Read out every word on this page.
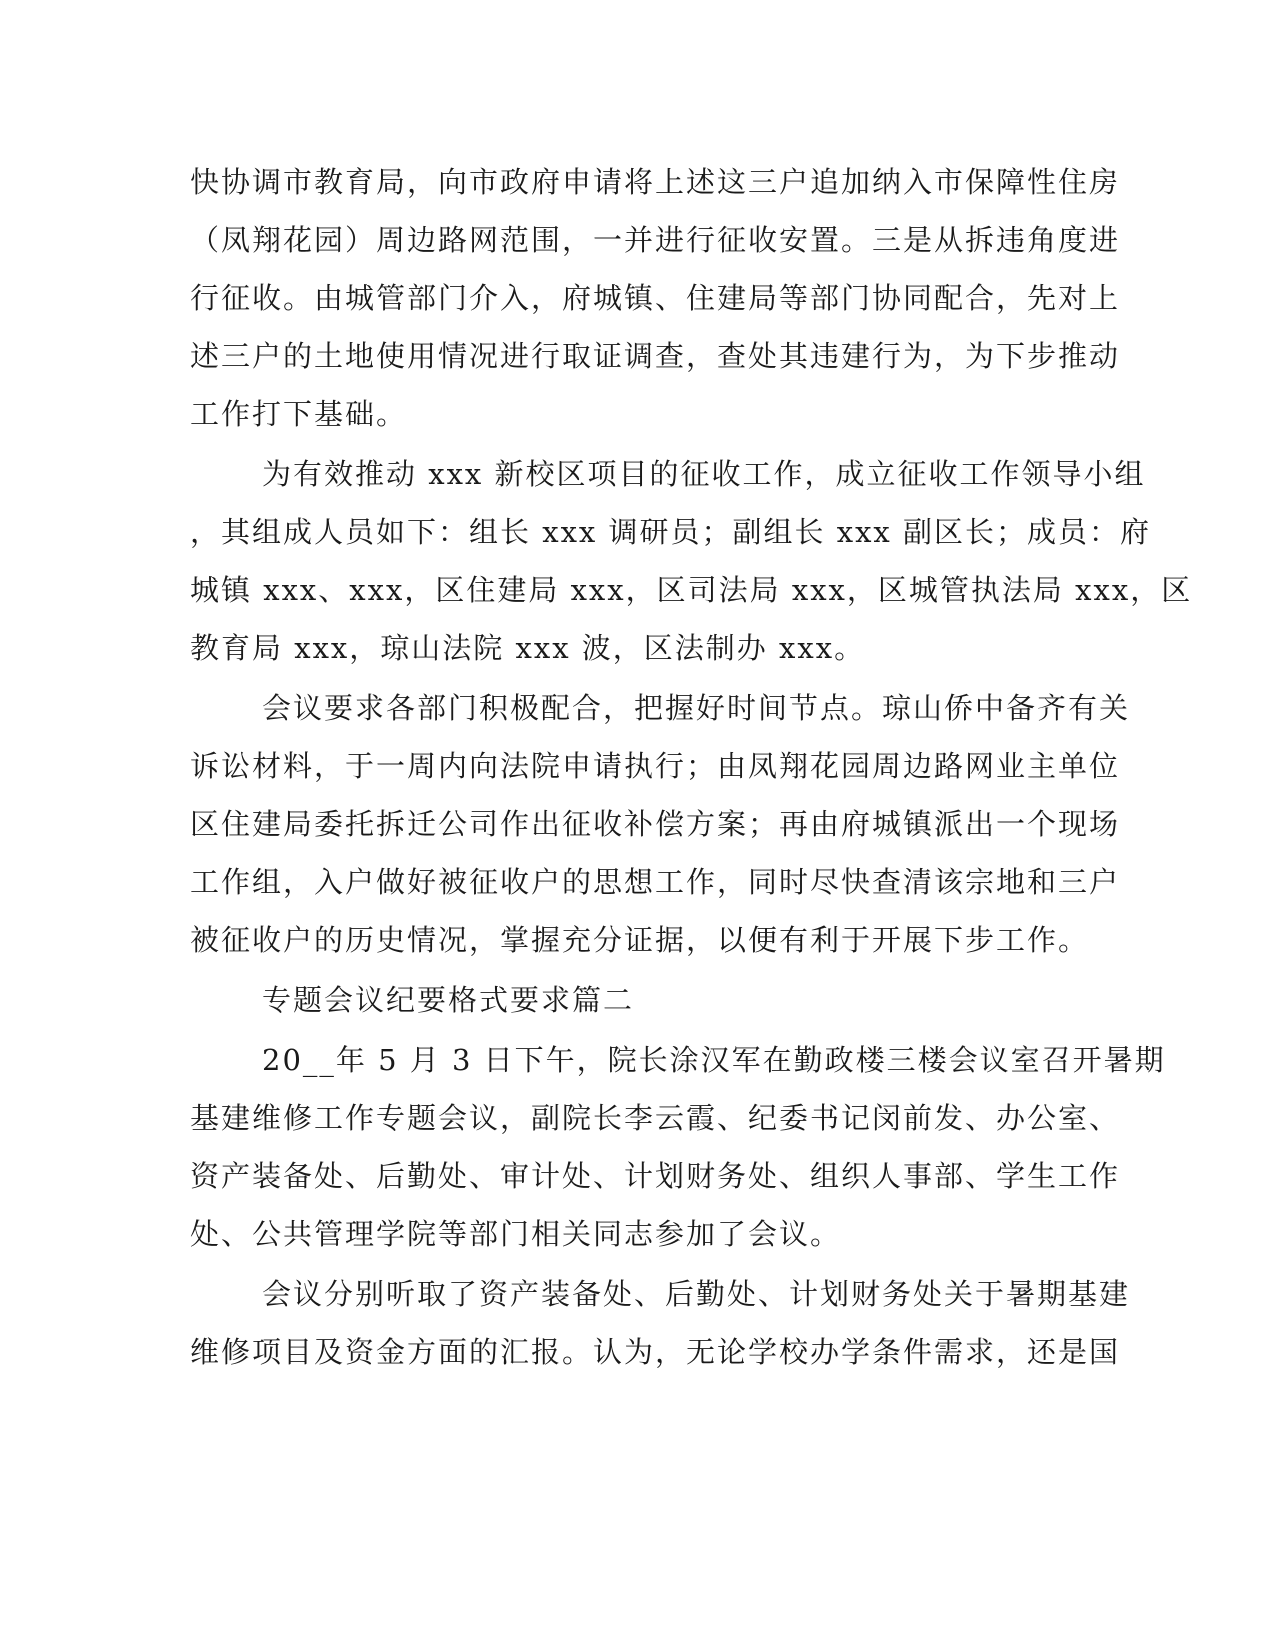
快协调市教育局，向市政府申请将上述这三户追加纳入市保障性住房
（凤翔花园）周边路网范围，一并进行征收安置。三是从拆违角度进
行征收。由城管部门介入，府城镇、住建局等部门协同配合，先对上
述三户的土地使用情况进行取证调查，查处其违建行为，为下步推动
工作打下基础。
为有效推动 xxx 新校区项目的征收工作，成立征收工作领导小组
，其组成人员如下：组长 xxx 调研员；副组长 xxx 副区长；成员：府
城镇 xxx、xxx，区住建局 xxx，区司法局 xxx，区城管执法局 xxx，区
教育局 xxx，琼山法院 xxx 波，区法制办 xxx。
会议要求各部门积极配合，把握好时间节点。琼山侨中备齐有关
诉讼材料，于一周内向法院申请执行；由凤翔花园周边路网业主单位
区住建局委托拆迁公司作出征收补偿方案；再由府城镇派出一个现场
工作组，入户做好被征收户的思想工作，同时尽快查清该宗地和三户
被征收户的历史情况，掌握充分证据，以便有利于开展下步工作。
专题会议纪要格式要求篇二
20__年 5 月 3 日下午，院长涂汉军在勤政楼三楼会议室召开暑期
基建维修工作专题会议，副院长李云霞、纪委书记闵前发、办公室、
资产装备处、后勤处、审计处、计划财务处、组织人事部、学生工作
处、公共管理学院等部门相关同志参加了会议。
会议分别听取了资产装备处、后勤处、计划财务处关于暑期基建
维修项目及资金方面的汇报。认为，无论学校办学条件需求，还是国
